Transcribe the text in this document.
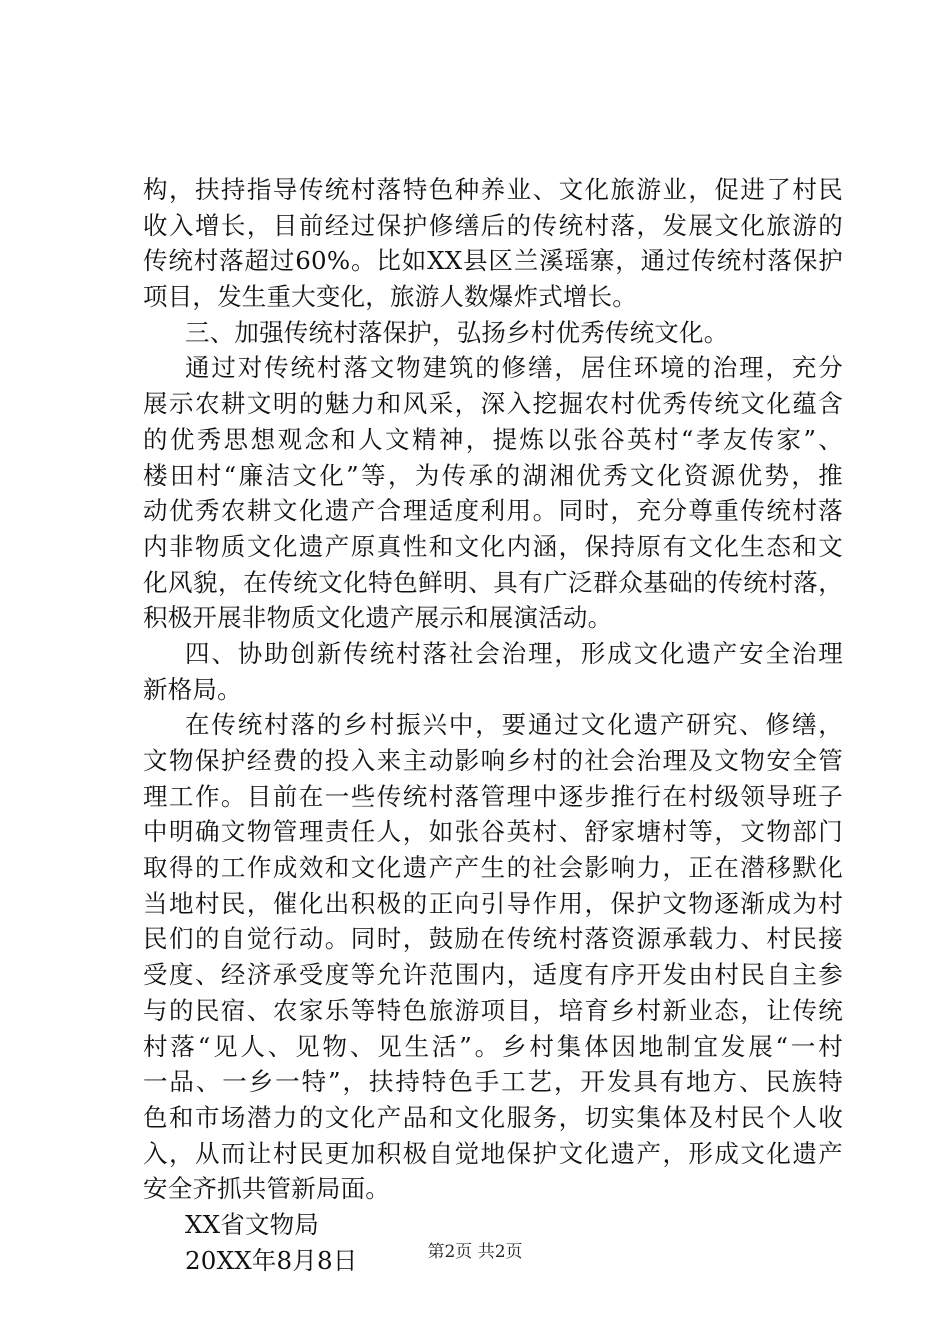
构，扶持指导传统村落特色种养业、文化旅游业，促进了村民
收入增长，目前经过保护修缮后的传统村落，发展文化旅游的
传统村落超过60%。比如XX县区兰溪瑶寨，通过传统村落保护
项目，发生重大变化，旅游人数爆炸式增长。
三、加强传统村落保护，弘扬乡村优秀传统文化。
通过对传统村落文物建筑的修缮，居住环境的治理，充分
展示农耕文明的魅力和风采，深入挖掘农村优秀传统文化蕴含
的优秀思想观念和人文精神，提炼以张谷英村“孝友传家”、
楼田村“廉洁文化”等，为传承的湖湘优秀文化资源优势，推
动优秀农耕文化遗产合理适度利用。同时，充分尊重传统村落
内非物质文化遗产原真性和文化内涵，保持原有文化生态和文
化风貌，在传统文化特色鲜明、具有广泛群众基础的传统村落，
积极开展非物质文化遗产展示和展演活动。
四、协助创新传统村落社会治理，形成文化遗产安全治理
新格局。
在传统村落的乡村振兴中，要通过文化遗产研究、修缮，
文物保护经费的投入来主动影响乡村的社会治理及文物安全管
理工作。目前在一些传统村落管理中逐步推行在村级领导班子
中明确文物管理责任人，如张谷英村、舒家塘村等，文物部门
取得的工作成效和文化遗产产生的社会影响力，正在潜移默化
当地村民，催化出积极的正向引导作用，保护文物逐渐成为村
民们的自觉行动。同时，鼓励在传统村落资源承载力、村民接
受度、经济承受度等允许范围内，适度有序开发由村民自主参
与的民宿、农家乐等特色旅游项目，培育乡村新业态，让传统
村落“见人、见物、见生活”。乡村集体因地制宜发展“一村
一品、一乡一特”，扶持特色手工艺，开发具有地方、民族特
色和市场潜力的文化产品和文化服务，切实集体及村民个人收
入，从而让村民更加积极自觉地保护文化遗产，形成文化遗产
安全齐抓共管新局面。
XX省文物局
20XX年8月8日	第2页 共2页
